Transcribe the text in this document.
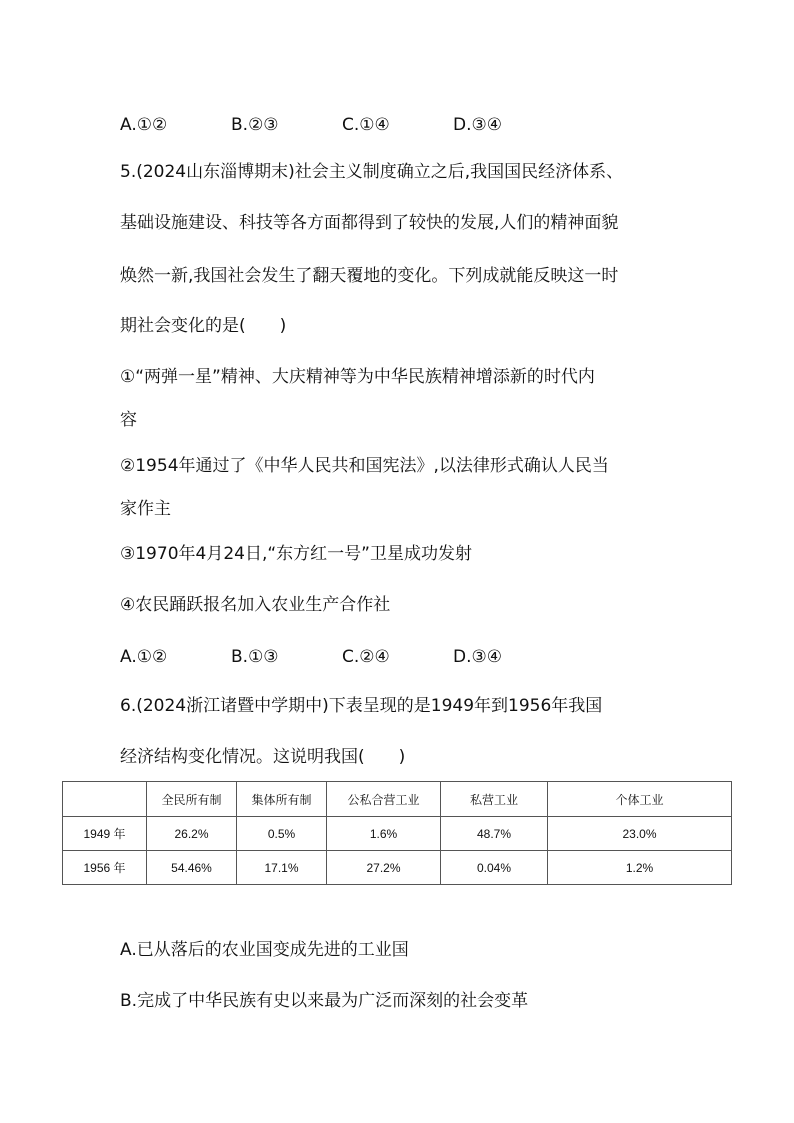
A.①②	B.②③	C.①④	D.③④
5.(2024山东淄博期末)社会主义制度确立之后,我国国民经济体系、
基础设施建设、科技等各方面都得到了较快的发展,人们的精神面貌
焕然一新,我国社会发生了翻天覆地的变化。下列成就能反映这一时
期社会变化的是(　　)
①“两弹一星”精神、大庆精神等为中华民族精神增添新的时代内
容
②1954年通过了《中华人民共和国宪法》,以法律形式确认人民当
家作主
③1970年4月24日,“东方红一号”卫星成功发射
④农民踊跃报名加入农业生产合作社
A.①②	B.①③	C.②④	D.③④
6.(2024浙江诸暨中学期中)下表呈现的是1949年到1956年我国
经济结构变化情况。这说明我国(　　)
	全民所有制	集体所有制	公私合营工业	私营工业	个体工业
1949 年	26.2%	0.5%	1.6%	48.7%	23.0%
1956 年	54.46%	17.1%	27.2%	0.04%	1.2%
A.已从落后的农业国变成先进的工业国
B.完成了中华民族有史以来最为广泛而深刻的社会变革
